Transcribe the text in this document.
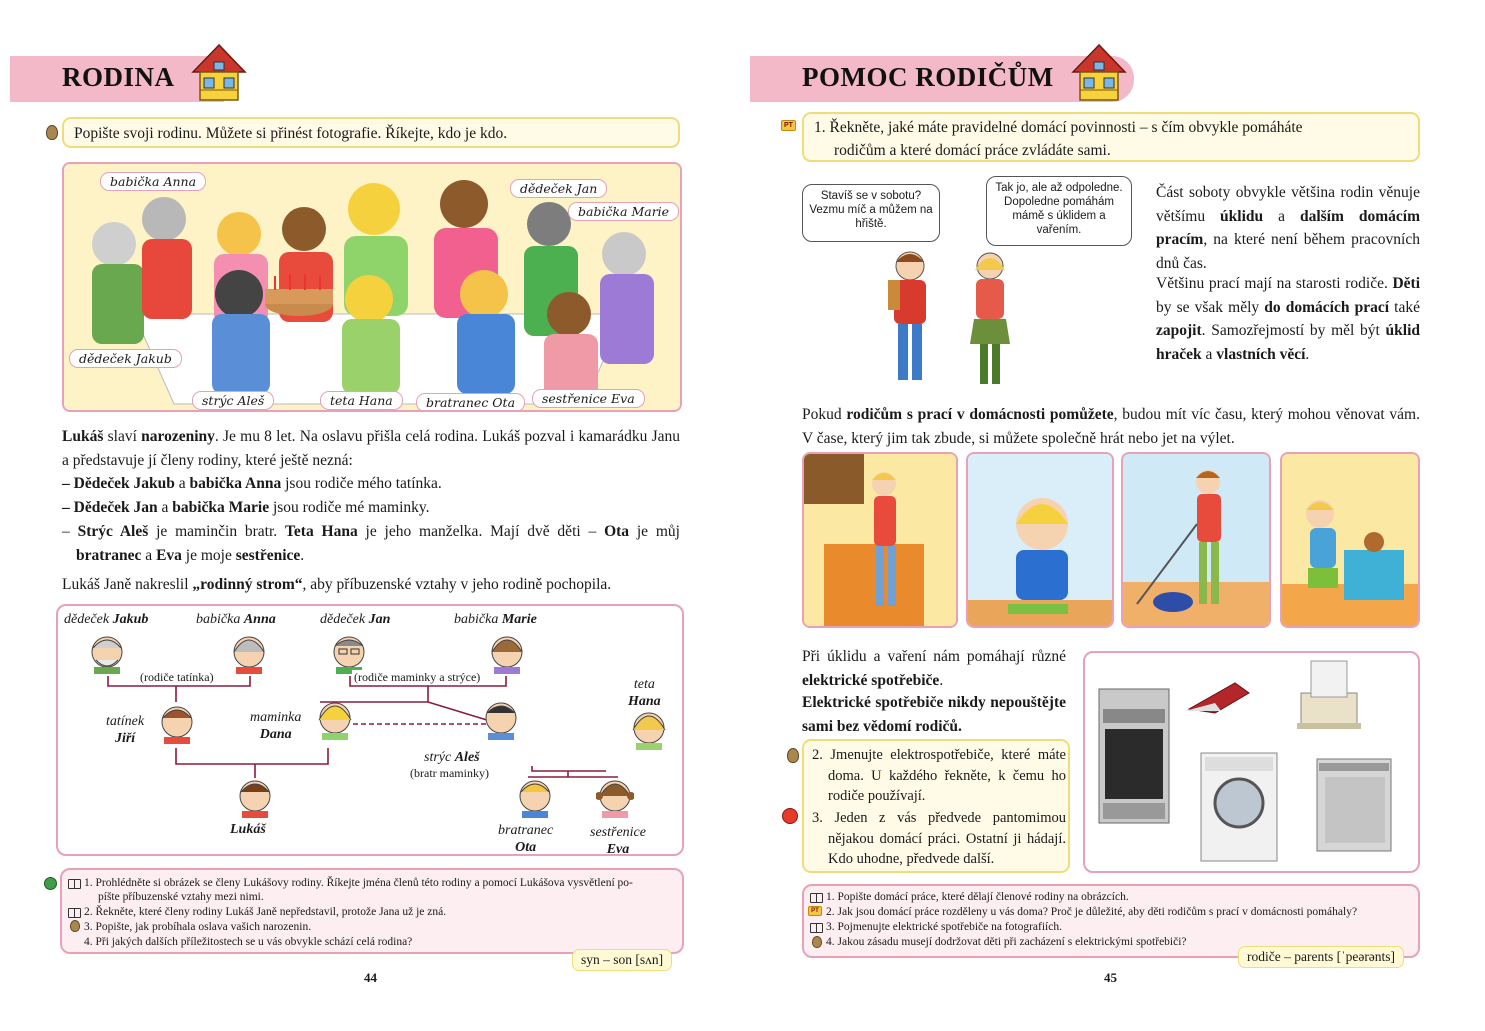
RODINA
Popište svoji rodinu. Můžete si přinést fotografie. Říkejte, kdo je kdo.
babička Anna	dědeček Jan
babička Marie
dědeček Jakub
strýc Aleš	teta Hana	bratranec Ota	sestřenice Eva
Lukáš slaví narozeniny. Je mu 8 let. Na oslavu přišla celá rodina. Lukáš pozval i kamarádku Janu a představuje jí členy rodiny, které ještě nezná:
– Dědeček Jakub a babička Anna jsou rodiče mého tatínka.
– Dědeček Jan a babička Marie jsou rodiče mé maminky.
– Strýc Aleš je maminčin bratr. Teta Hana je jeho manželka. Mají dvě děti – Ota je můj bratranec a Eva je moje sestřenice.
Lukáš Janě nakreslil „rodinný strom“, aby příbuzenské vztahy v jeho rodině pochopila.
dědeček Jakub	babička Anna	dědeček Jan	babička Marie
(rodiče tatínka)	(rodiče maminky a strýce)
tatínek
Jiří
maminka
Dana
teta
Hana
strýc Aleš
(bratr maminky)
Lukáš	bratranec
Ota
sestřenice
Eva
1. Prohlédněte si obrázek se členy Lukášovy rodiny. Říkejte jména členů této rodiny a pomocí Lukášova vysvětlení po-
píšte příbuzenské vztahy mezi nimi.
2. Řekněte, které členy rodiny Lukáš Janě nepředstavil, protože Jana už je zná.
3. Popište, jak probíhala oslava vašich narozenin.
4. Při jakých dalších příležitostech se u vás obvykle schází celá rodina?
syn – son [sʌn]
44
POMOC RODIČŮM
PT 1. Řekněte, jaké máte pravidelné domácí povinnosti – s čím obvykle pomáháte
rodičům a které domácí práce zvládáte sami.
Stavíš se v sobotu? Vezmu míč a můžem na hřiště.
Tak jo, ale až odpoledne. Dopoledne pomáhám mámě s úklidem a vařením.
Část soboty obvykle většina rodin věnuje většímu úklidu a dalším domácím pracím, na které není během pracovních dnů čas.
Většinu prací mají na starosti rodiče. Děti by se však měly do domácích prací také zapojit. Samozřejmostí by měl být úklid hraček a vlastních věcí.
Pokud rodičům s prací v domácnosti pomůžete, budou mít víc času, který mohou věnovat vám. V čase, který jim tak zbude, si můžete společně hrát nebo jet na výlet.
Při úklidu a vaření nám pomáhají různé elektrické spotřebiče.
Elektrické spotřebiče nikdy nepouštějte sami bez vědomí rodičů.
2. Jmenujte elektrospotřebiče, které máte doma. U každého řekněte, k čemu ho rodiče používají.
3. Jeden z vás předvede pantomimou nějakou domácí práci. Ostatní ji hádají. Kdo uhodne, předvede další.
1. Popište domácí práce, které dělají členové rodiny na obrázcích.
PT 2. Jak jsou domácí práce rozděleny u vás doma? Proč je důležité, aby děti rodičům s prací v domácnosti pomáhaly?
3. Pojmenujte elektrické spotřebiče na fotografiích.
4. Jakou zásadu musejí dodržovat děti při zacházení s elektrickými spotřebiči?
rodiče – parents [ˈpeərənts]
45
